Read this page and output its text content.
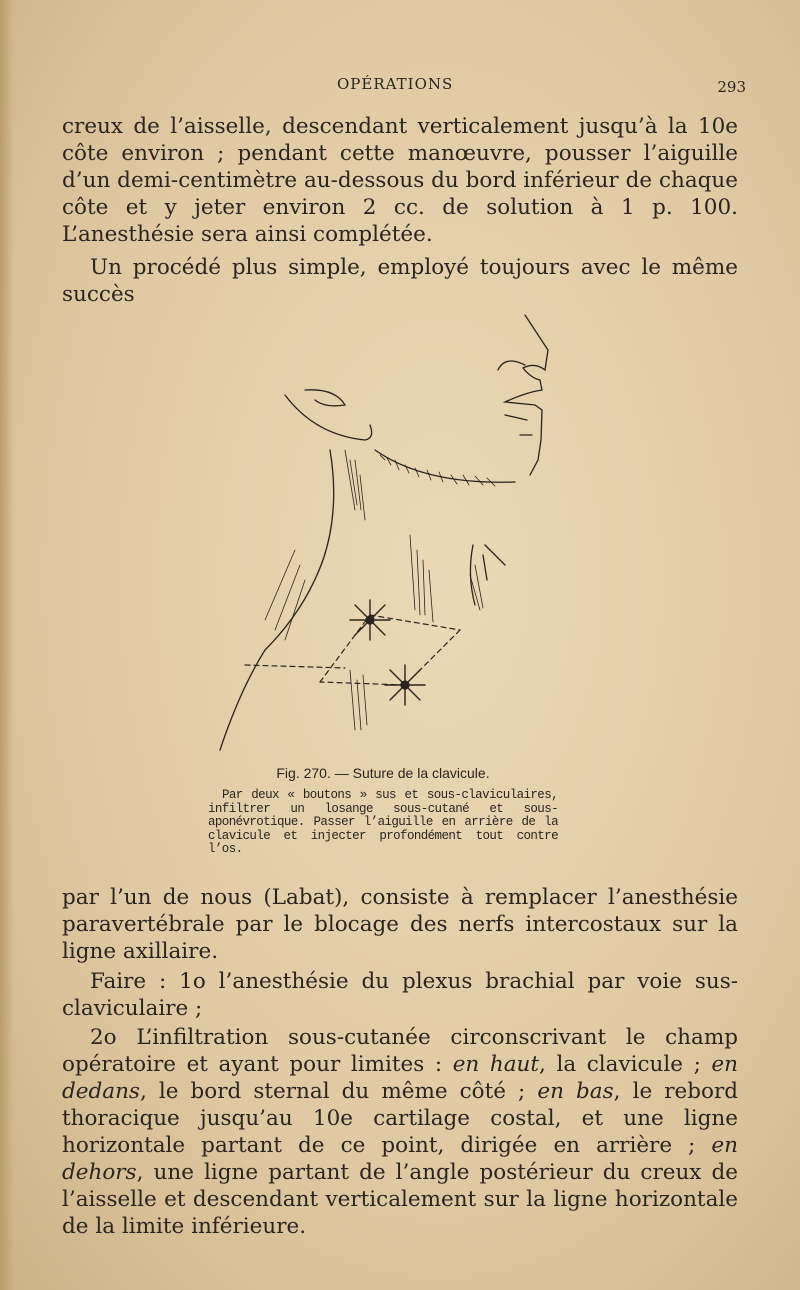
OPÉRATIONS	293

creux de l’aisselle, descendant verticalement jusqu’à la 10e côte environ ; pendant cette manœuvre, pousser l’aiguille d’un demi-centimètre au-dessous du bord inférieur de chaque côte et y jeter environ 2 cc. de solution à 1 p. 100. L’anesthésie sera ainsi complétée.

Un procédé plus simple, employé toujours avec le même succès

Fig. 270. — Suture de la clavicule.

Par deux « boutons » sus et sous-claviculaires, infiltrer un losange sous-cutané et sous-aponévrotique. Passer l’aiguille en arrière de la clavicule et injecter profondément tout contre l’os.

par l’un de nous (Labat), consiste à remplacer l’anesthésie paravertébrale par le blocage des nerfs intercostaux sur la ligne axillaire.

Faire : 1o l’anesthésie du plexus brachial par voie sus-claviculaire ;

2o L’infiltration sous-cutanée circonscrivant le champ opératoire et ayant pour limites : en haut, la clavicule ; en dedans, le bord sternal du même côté ; en bas, le rebord thoracique jusqu’au 10e cartilage costal, et une ligne horizontale partant de ce point, dirigée en arrière ; en dehors, une ligne partant de l’angle postérieur du creux de l’aisselle et descendant verticalement sur la ligne horizontale de la limite inférieure.
